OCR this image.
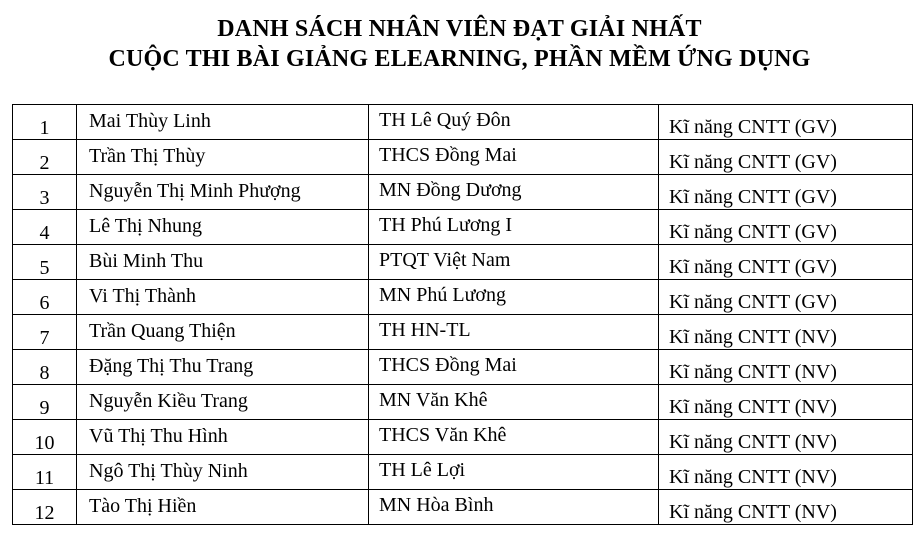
DANH SÁCH NHÂN VIÊN ĐẠT GIẢI NHẤT
CUỘC THI BÀI GIẢNG ELEARNING, PHẦN MỀM ỨNG DỤNG
1	Mai Thùy Linh	TH Lê Quý Đôn	Kĩ năng CNTT (GV)

2	Trần Thị Thùy	THCS Đồng Mai	Kĩ năng CNTT (GV)

3	Nguyễn Thị Minh Phượng	MN Đồng Dương	Kĩ năng CNTT (GV)

4	Lê Thị Nhung	TH Phú Lương I	Kĩ năng CNTT (GV)

5	Bùi Minh Thu	PTQT Việt Nam	Kĩ năng CNTT (GV)

6	Vi Thị Thành	MN Phú Lương	Kĩ năng CNTT (GV)

7	Trần Quang Thiện	TH HN-TL	Kĩ năng CNTT (NV)

8	Đặng Thị Thu Trang	THCS Đồng Mai	Kĩ năng CNTT (NV)

9	Nguyễn Kiều Trang	MN Văn Khê	Kĩ năng CNTT (NV)

10	Vũ Thị Thu Hình	THCS Văn Khê	Kĩ năng CNTT (NV)

11	Ngô Thị Thùy Ninh	TH Lê Lợi	Kĩ năng CNTT (NV)

12	Tào Thị Hiền	MN Hòa Bình	Kĩ năng CNTT (NV)
